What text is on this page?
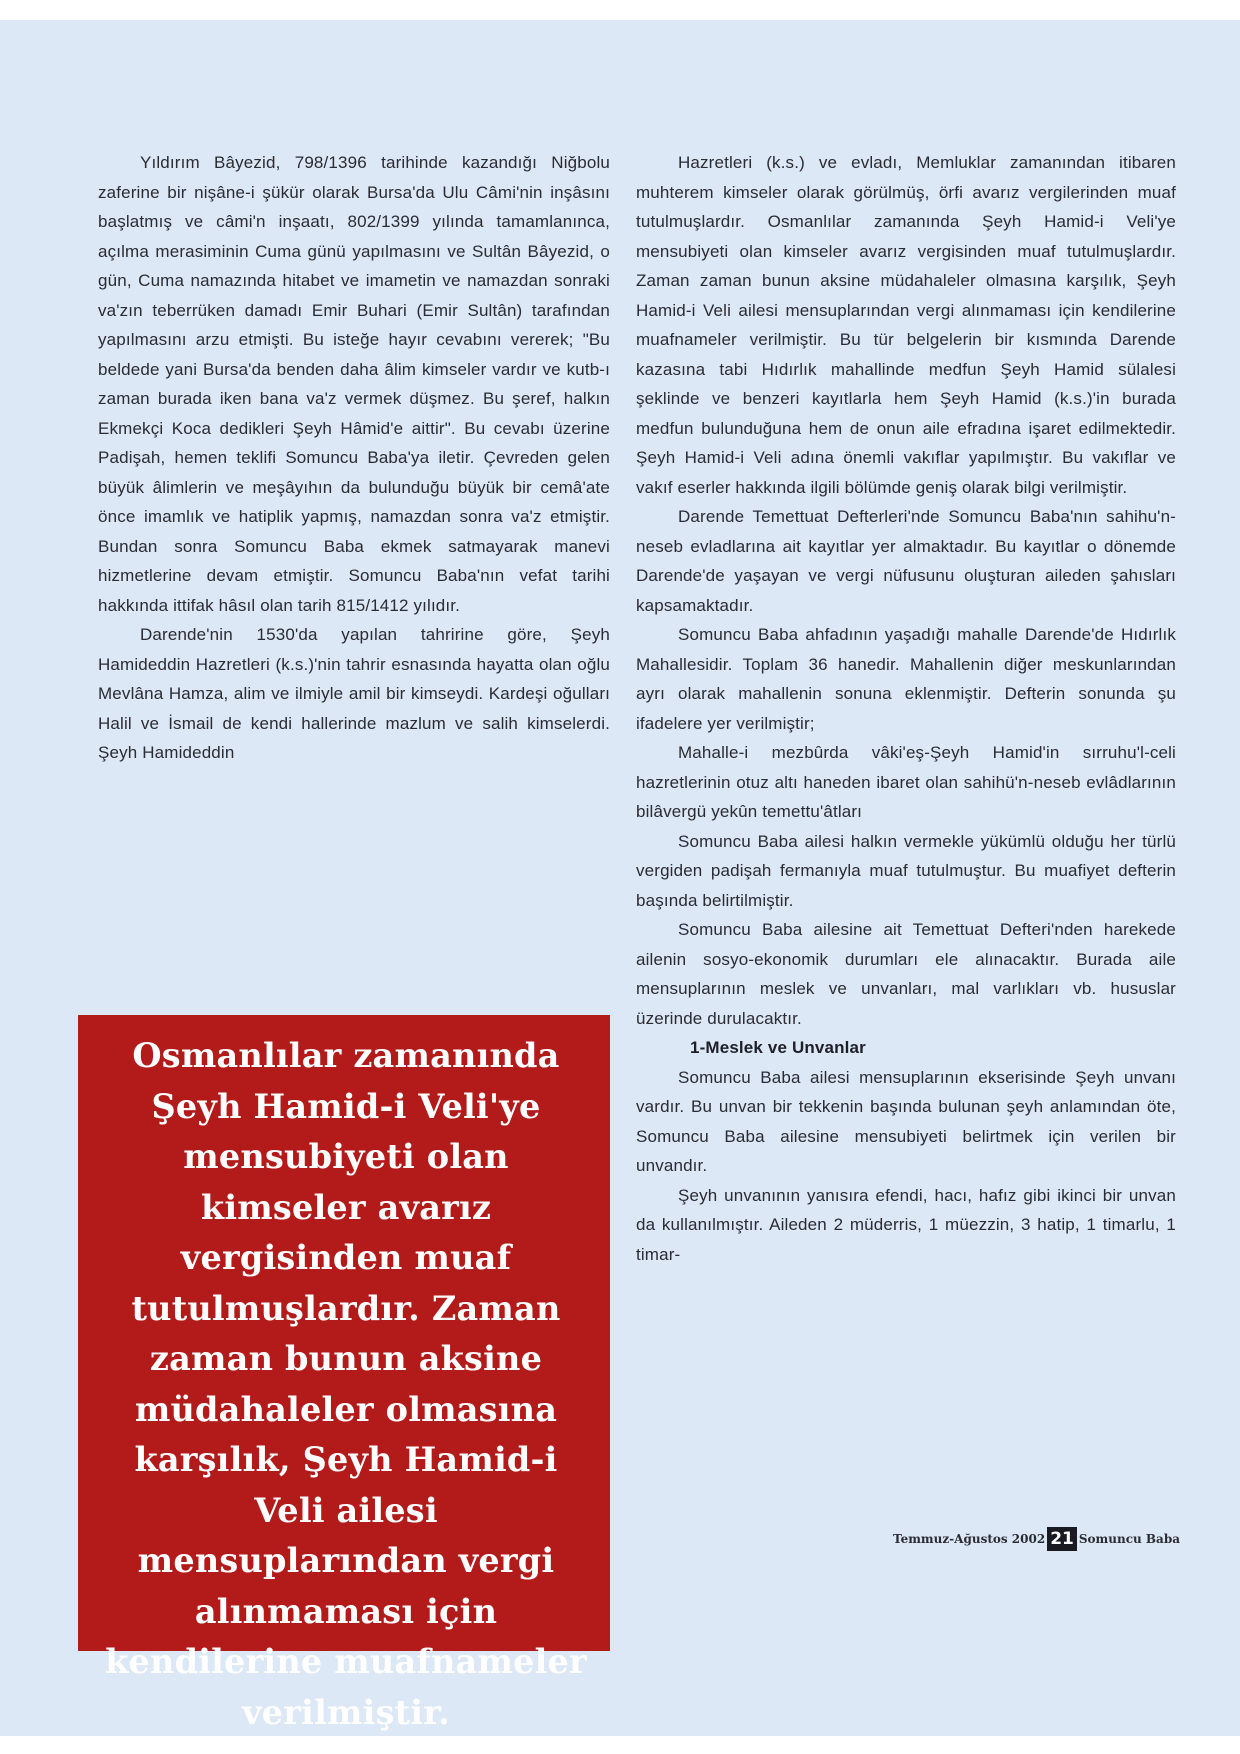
Yıldırım Bâyezid, 798/1396 tarihinde kazandığı Niğbolu zaferine bir nişâne-i şükür olarak Bursa'da Ulu Câmi'nin inşâsını başlatmış ve câmi'n inşaatı, 802/1399 yılında tamamlanınca, açılma merasiminin Cuma günü yapılmasını ve Sultân Bâyezid, o gün, Cuma namazında hitabet ve imametin ve namazdan sonraki va'zın teberrüken damadı Emir Buhari (Emir Sultân) tarafından yapılmasını arzu etmişti. Bu isteğe hayır cevabını vererek; "Bu beldede yani Bursa'da benden daha âlim kimseler vardır ve kutb-ı zaman burada iken bana va'z vermek düşmez. Bu şeref, halkın Ekmekçi Koca dedikleri Şeyh Hâmid'e aittir". Bu cevabı üzerine Padişah, hemen teklifi Somuncu Baba'ya iletir. Çevreden gelen büyük âlimlerin ve meşâyıhın da bulunduğu büyük bir cemâ'ate önce imamlık ve hatiplik yapmış, namazdan sonra va'z etmiştir. Bundan sonra Somuncu Baba ekmek satmayarak manevi hizmetlerine devam etmiştir. Somuncu Baba'nın vefat tarihi hakkında ittifak hâsıl olan tarih 815/1412 yılıdır.

Darende'nin 1530'da yapılan tahririne göre, Şeyh Hamideddin Hazretleri (k.s.)'nin tahrir esnasında hayatta olan oğlu Mevlâna Hamza, alim ve ilmiyle amil bir kimseydi. Kardeşi oğulları Halil ve İsmail de kendi hallerinde mazlum ve salih kimselerdi. Şeyh Hamideddin

Hazretleri (k.s.) ve evladı, Memluklar zamanından itibaren muhterem kimseler olarak görülmüş, örfi avarız vergilerinden muaf tutulmuşlardır. Osmanlılar zamanında Şeyh Hamid-i Veli'ye mensubiyeti olan kimseler avarız vergisinden muaf tutulmuşlardır. Zaman zaman bunun aksine müdahaleler olmasına karşılık, Şeyh Hamid-i Veli ailesi mensuplarından vergi alınmaması için kendilerine muafnameler verilmiştir. Bu tür belgelerin bir kısmında Darende kazasına tabi Hıdırlık mahallinde medfun Şeyh Hamid sülalesi şeklinde ve benzeri kayıtlarla hem Şeyh Hamid (k.s.)'in burada medfun bulunduğuna hem de onun aile efradına işaret edilmektedir. Şeyh Hamid-i Veli adına önemli vakıflar yapılmıştır. Bu vakıflar ve vakıf eserler hakkında ilgili bölümde geniş olarak bilgi verilmiştir.

Darende Temettuat Defterleri'nde Somuncu Baba'nın sahihu'n-neseb evladlarına ait kayıtlar yer almaktadır. Bu kayıtlar o dönemde Darende'de yaşayan ve vergi nüfusunu oluşturan aileden şahısları kapsamaktadır.

Somuncu Baba ahfadının yaşadığı mahalle Darende'de Hıdırlık Mahallesidir. Toplam 36 hanedir. Mahallenin diğer meskunlarından ayrı olarak mahallenin sonuna eklenmiştir. Defterin sonunda şu ifadelere yer verilmiştir;

Mahalle-i mezbûrda vâki'eş-Şeyh Hamid'in sırruhu'l-celi hazretlerinin otuz altı haneden ibaret olan sahihü'n-neseb evlâdlarının bilâvergü yekûn temettu'âtları

Somuncu Baba ailesi halkın vermekle yükümlü olduğu her türlü vergiden padişah fermanıyla muaf tutulmuştur. Bu muafiyet defterin başında belirtilmiştir.

Somuncu Baba ailesine ait Temettuat Defteri'nden harekede ailenin sosyo-ekonomik durumları ele alınacaktır. Burada aile mensuplarının meslek ve unvanları, mal varlıkları vb. hususlar üzerinde durulacaktır.

1-Meslek ve Unvanlar

Somuncu Baba ailesi mensuplarının ekserisinde Şeyh unvanı vardır. Bu unvan bir tekkenin başında bulunan şeyh anlamından öte, Somuncu Baba ailesine mensubiyeti belirtmek için verilen bir unvandır.

Şeyh unvanının yanısıra efendi, hacı, hafız gibi ikinci bir unvan da kullanılmıştır. Aileden 2 müderris, 1 müezzin, 3 hatip, 1 timarlu, 1 timar-

Osmanlılar zamanında Şeyh Hamid-i Veli'ye mensubiyeti olan kimseler avarız vergisinden muaf tutulmuşlardır. Zaman zaman bunun aksine müdahaleler olmasına karşılık, Şeyh Hamid-i Veli ailesi mensuplarından vergi alınmaması için kendilerine muafnameler verilmiştir.
Temmuz-Ağustos 2002 21 Somuncu Baba
